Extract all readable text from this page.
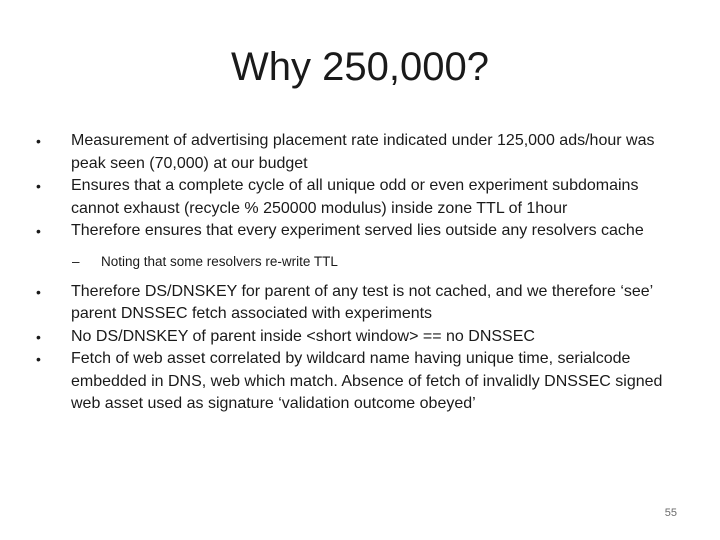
Why 250,000?
•	Measurement of advertising placement rate indicated under 125,000 ads/hour was peak seen (70,000) at our budget
•	Ensures that a complete cycle of all unique odd or even experiment subdomains cannot exhaust (recycle % 250000 modulus) inside zone TTL of 1hour
•	Therefore ensures that every experiment served lies outside any resolvers cache
– Noting that some resolvers re-write TTL
•	Therefore DS/DNSKEY for parent of any test is not cached, and we therefore ‘see’ parent DNSSEC fetch associated with experiments
•	No DS/DNSKEY of parent inside <short window> == no DNSSEC
•	Fetch of web asset correlated by wildcard name having unique time, serialcode embedded in DNS, web which match. Absence of fetch of invalidly DNSSEC signed web asset used as signature ‘validation outcome obeyed’
55
